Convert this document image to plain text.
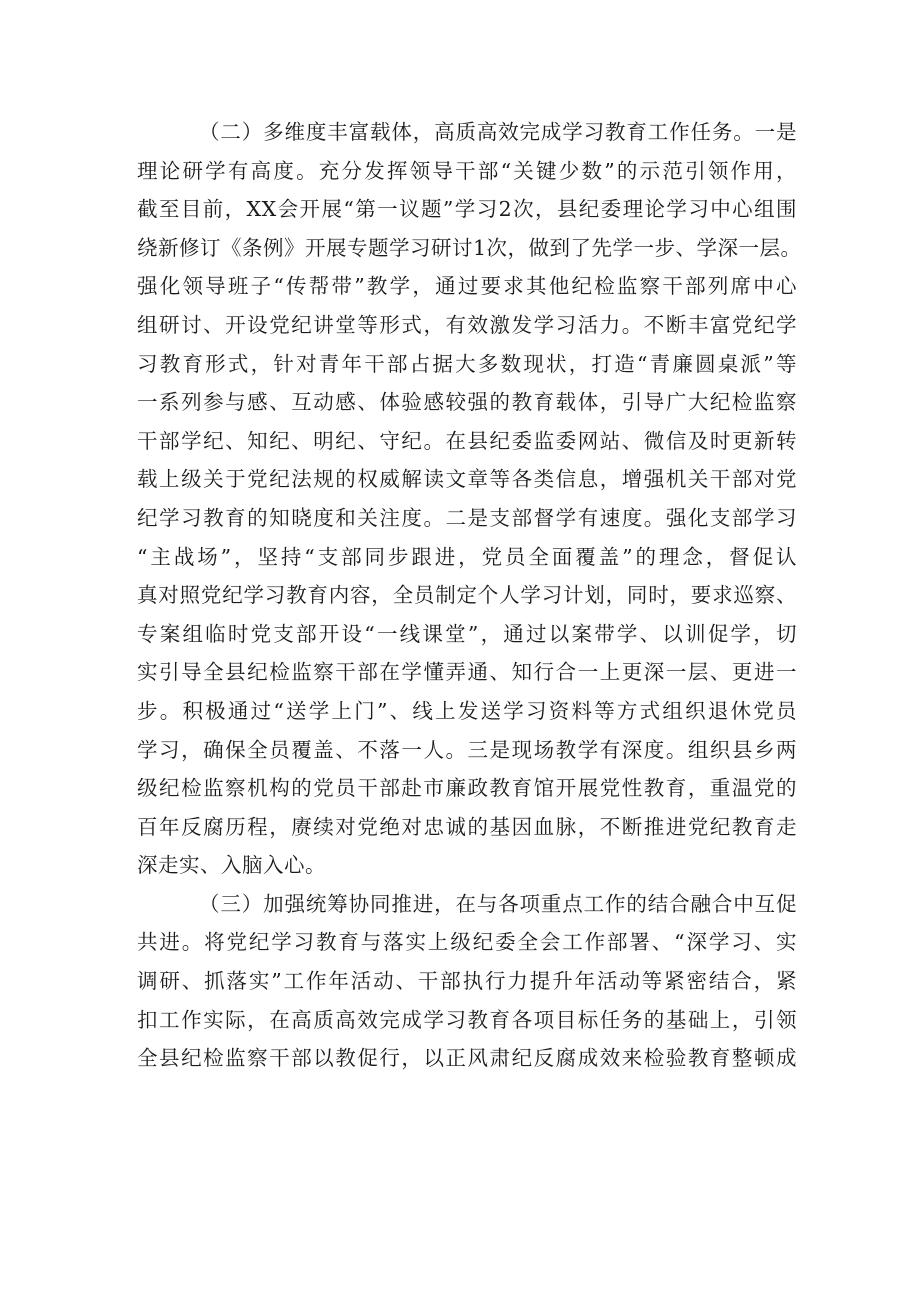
（二）多维度丰富载体，高质高效完成学习教育工作任务。一是
理论研学有高度。充分发挥领导干部“关键少数”的示范引领作用，
截至目前，XX会开展“第一议题”学习2次，县纪委理论学习中心组围
绕新修订《条例》开展专题学习研讨1次，做到了先学一步、学深一层。
强化领导班子“传帮带”教学，通过要求其他纪检监察干部列席中心
组研讨、开设党纪讲堂等形式，有效激发学习活力。不断丰富党纪学
习教育形式，针对青年干部占据大多数现状，打造“青廉圆桌派”等
一系列参与感、互动感、体验感较强的教育载体，引导广大纪检监察
干部学纪、知纪、明纪、守纪。在县纪委监委网站、微信及时更新转
载上级关于党纪法规的权威解读文章等各类信息，增强机关干部对党
纪学习教育的知晓度和关注度。二是支部督学有速度。强化支部学习
“主战场”，坚持“支部同步跟进，党员全面覆盖”的理念，督促认
真对照党纪学习教育内容，全员制定个人学习计划，同时，要求巡察、
专案组临时党支部开设“一线课堂”，通过以案带学、以训促学，切
实引导全县纪检监察干部在学懂弄通、知行合一上更深一层、更进一
步。积极通过“送学上门”、线上发送学习资料等方式组织退休党员
学习，确保全员覆盖、不落一人。三是现场教学有深度。组织县乡两
级纪检监察机构的党员干部赴市廉政教育馆开展党性教育，重温党的
百年反腐历程，赓续对党绝对忠诚的基因血脉，不断推进党纪教育走
深走实、入脑入心。
（三）加强统筹协同推进，在与各项重点工作的结合融合中互促
共进。将党纪学习教育与落实上级纪委全会工作部署、“深学习、实
调研、抓落实”工作年活动、干部执行力提升年活动等紧密结合，紧
扣工作实际，在高质高效完成学习教育各项目标任务的基础上，引领
全县纪检监察干部以教促行，以正风肃纪反腐成效来检验教育整顿成
